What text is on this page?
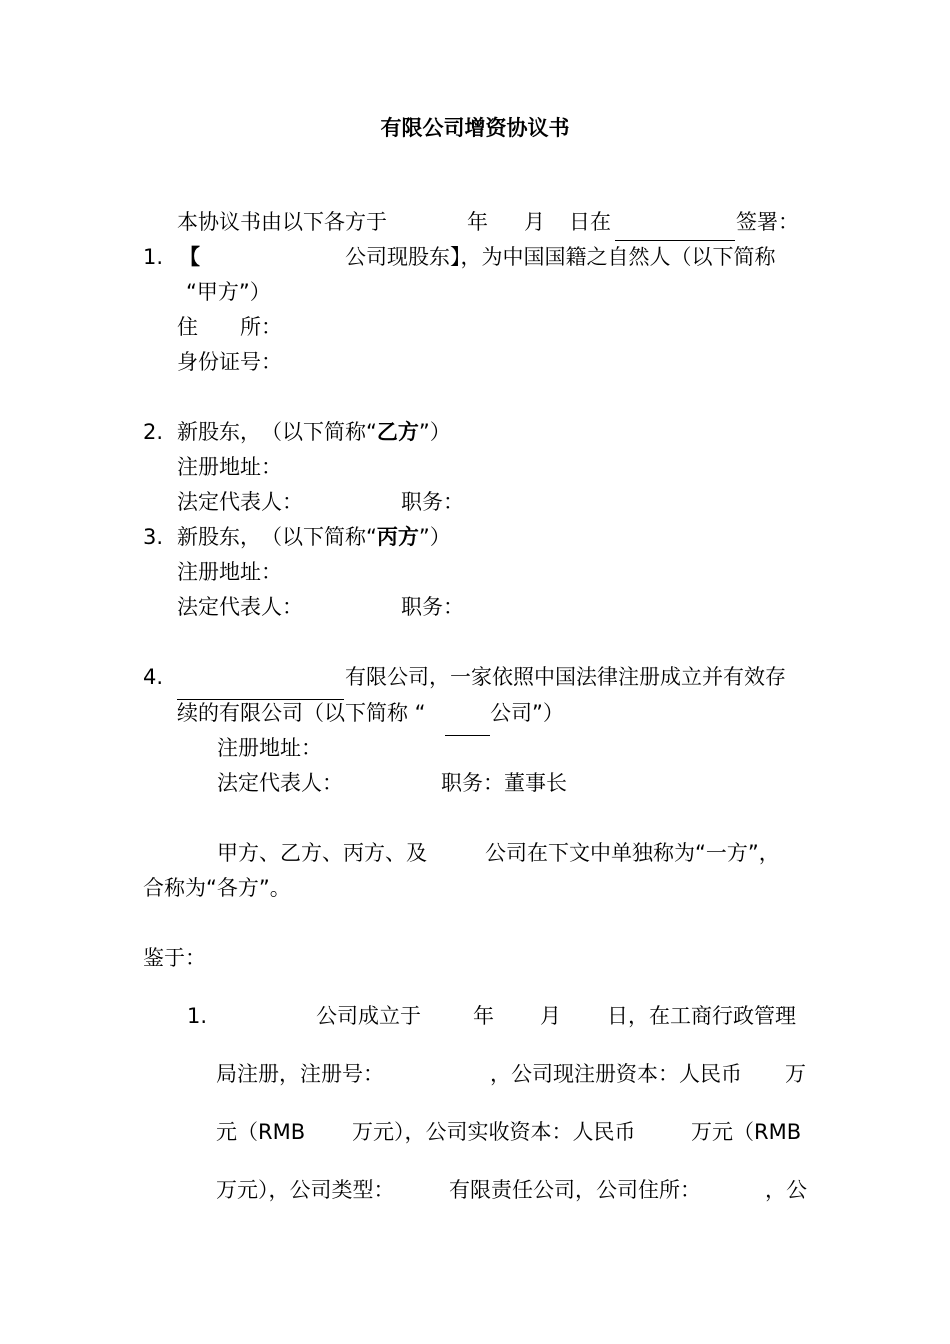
有限公司增资协议书
本协议书由以下各方于	年 月 日在	签署：
1. 【	公司现股东】，为中国国籍之自然人（以下简称
“甲方”）
住　　所：
身份证号：
2. 新股东，　（以下简称“乙方”）
注册地址：
法定代表人：	职务：
3. 新股东，　（以下简称“丙方”）
注册地址：
法定代表人：	职务：
4.	有限公司，一家依照中国法律注册成立并有效存
续的有限公司（以下简称 “	公司”）
注册地址：
法定代表人：	职务：董事长
甲方、乙方、丙方、及	公司在下文中单独称为“一方”，
合称为“各方”。
鉴于：
1.	公司成立于 年 月 日，在工商行政管理
局注册，注册号：	，公司现注册资本：人民币 万
元（RMB 万元），公司实收资本：人民币	万元（RMB
万元），公司类型：	有限责任公司，公司住所：	，公
